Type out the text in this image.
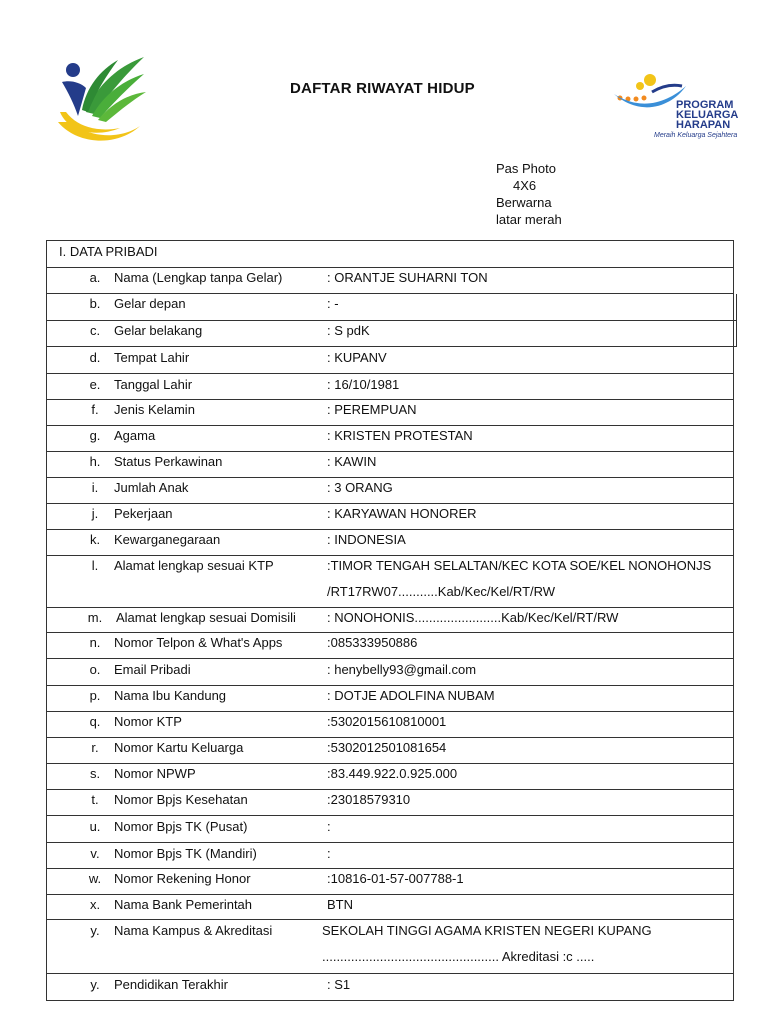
DAFTAR RIWAYAT HIDUP
PROGRAM
KELUARGA
HARAPAN
Meraih Keluarga Sejahtera
Pas Photo
4X6
Berwarna
latar merah
I. DATA PRIBADI
a.	Nama (Lengkap tanpa Gelar)	: ORANTJE SUHARNI TON
b.	Gelar depan	: -
c.	Gelar belakang	: S pdK
d.	Tempat Lahir	: KUPANV
e.	Tanggal Lahir	: 16/10/1981
f.	Jenis Kelamin	: PEREMPUAN
g.	Agama	: KRISTEN PROTESTAN
h.	Status Perkawinan	: KAWIN
i.	Jumlah Anak	: 3 ORANG
j.	Pekerjaan	: KARYAWAN HONORER
k.	Kewarganegaraan	: INDONESIA
l.	Alamat lengkap sesuai KTP	:TIMOR TENGAH SELALTAN/KEC KOTA SOE/KEL NONOHONJS
/RT17RW07...........Kab/Kec/Kel/RT/RW
m.	Alamat lengkap sesuai Domisili : NONOHONIS........................Kab/Kec/Kel/RT/RW
n.	Nomor Telpon & What's Apps	:085333950886
o.	Email Pribadi	: henybelly93@gmail.com
p.	Nama Ibu Kandung	: DOTJE ADOLFINA NUBAM
q.	Nomor KTP	:5302015610810001
r.	Nomor Kartu Keluarga	:5302012501081654
s.	Nomor NPWP	:83.449.922.0.925.000
t.	Nomor Bpjs Kesehatan	:23018579310
u.	Nomor Bpjs TK (Pusat)	:
v.	Nomor Bpjs TK (Mandiri)	:
w. Nomor Rekening Honor	:10816-01-57-007788-1
x.	Nama Bank Pemerintah	BTN
y.	Nama Kampus & Akreditasi	SEKOLAH TINGGI AGAMA KRISTEN NEGERI KUPANG
................................................. Akreditasi :c .....
y.	Pendidikan Terakhir	: S1
